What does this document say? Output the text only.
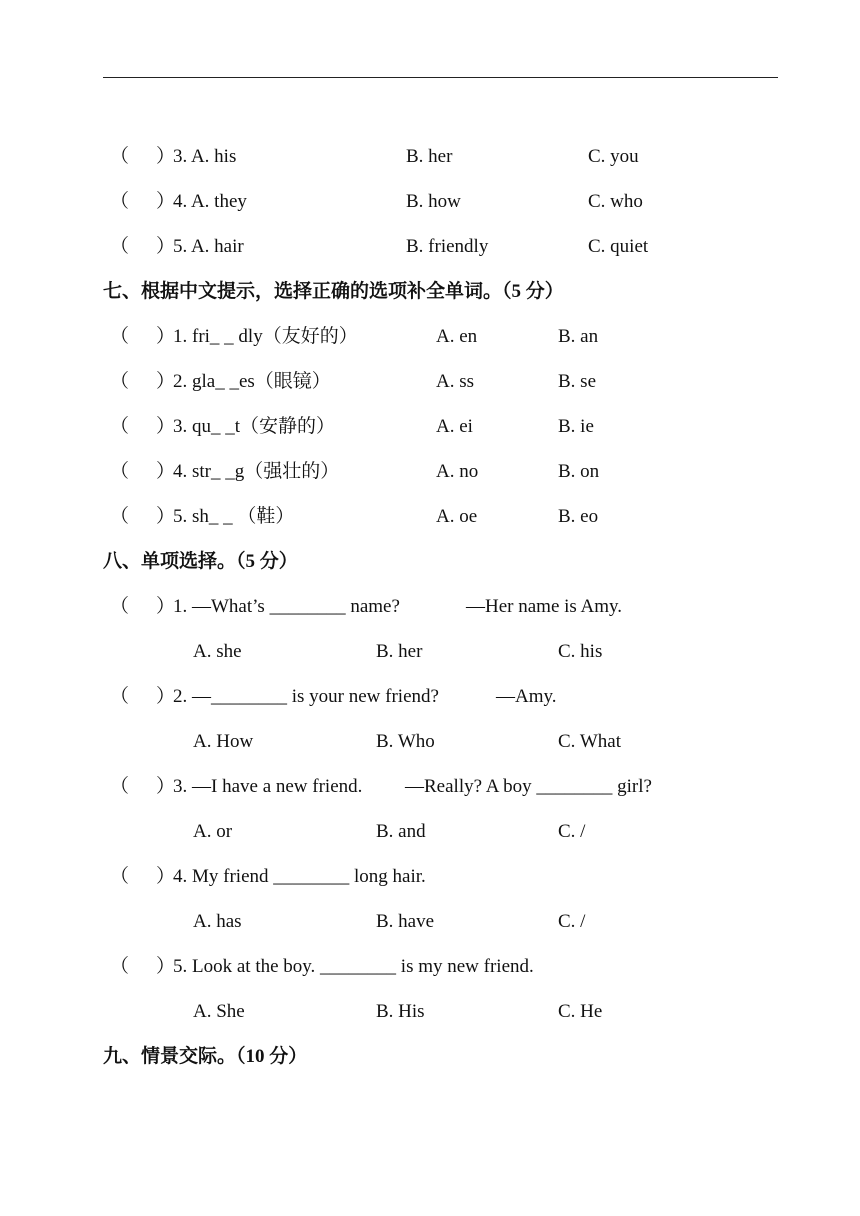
（ ）
3. A. his	B. her	C. you
（ ）
4. A. they	B. how	C. who
（ ）
5. A. hair	B. friendly	C. quiet
七、根据中文提示，选择正确的选项补全单词。（5 分）
（ ）
1. fri_ _ dly（友好的）	A. en	B. an
（ ）
2. gla_ _es（眼镜）	A. ss	B. se
（ ）
3. qu_ _t（安静的）	A. ei	B. ie
（ ）
4. str_ _g（强壮的）	A. no	B. on
（ ）
5. sh_ _ （鞋）	A. oe	B. eo
八、单项选择。（5 分）
（ ）
1. —What’s ________ name?	—Her name is Amy.
A. she	B. her	C. his
（ ）
2. —________ is your new friend?	—Amy.
A. How	B. Who	C. What
（ ）
3. —I have a new friend. —Really? A boy ________ girl?
A. or	B. and	C. /
（ ）
4. My friend ________ long hair.
A. has	B. have	C. /
（ ）
5. Look at the boy. ________ is my new friend.
A. She	B. His	C. He
九、情景交际。（10 分）
